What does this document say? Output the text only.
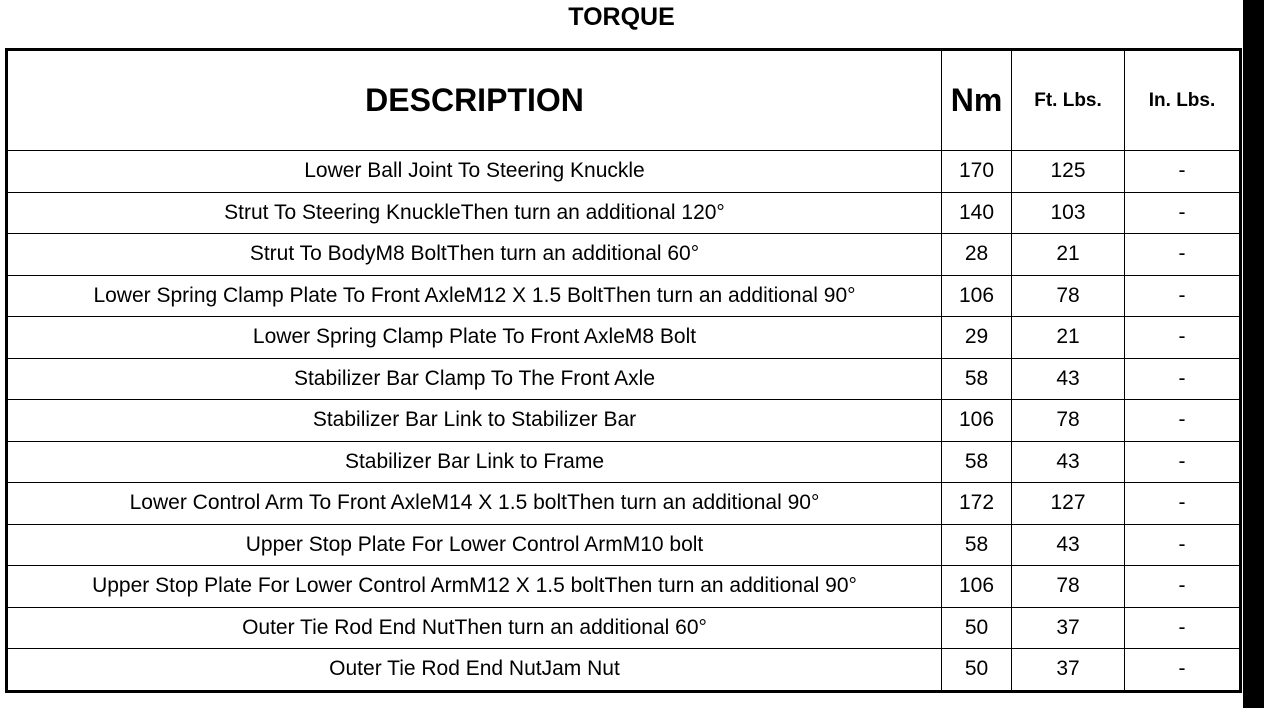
TORQUE
DESCRIPTION	Nm	Ft. Lbs.	In. Lbs.
Lower Ball Joint To Steering Knuckle	170	125	-
Strut To Steering KnuckleThen turn an additional 120°	140	103	-
Strut To BodyM8 BoltThen turn an additional 60°	28	21	-
Lower Spring Clamp Plate To Front AxleM12 X 1.5 BoltThen turn an additional 90°	106	78	-
Lower Spring Clamp Plate To Front AxleM8 Bolt	29	21	-
Stabilizer Bar Clamp To The Front Axle	58	43	-
Stabilizer Bar Link to Stabilizer Bar	106	78	-
Stabilizer Bar Link to Frame	58	43	-
Lower Control Arm To Front AxleM14 X 1.5 boltThen turn an additional 90°	172	127	-
Upper Stop Plate For Lower Control ArmM10 bolt	58	43	-
Upper Stop Plate For Lower Control ArmM12 X 1.5 boltThen turn an additional 90°	106	78	-
Outer Tie Rod End NutThen turn an additional 60°	50	37	-
Outer Tie Rod End NutJam Nut	50	37	-
